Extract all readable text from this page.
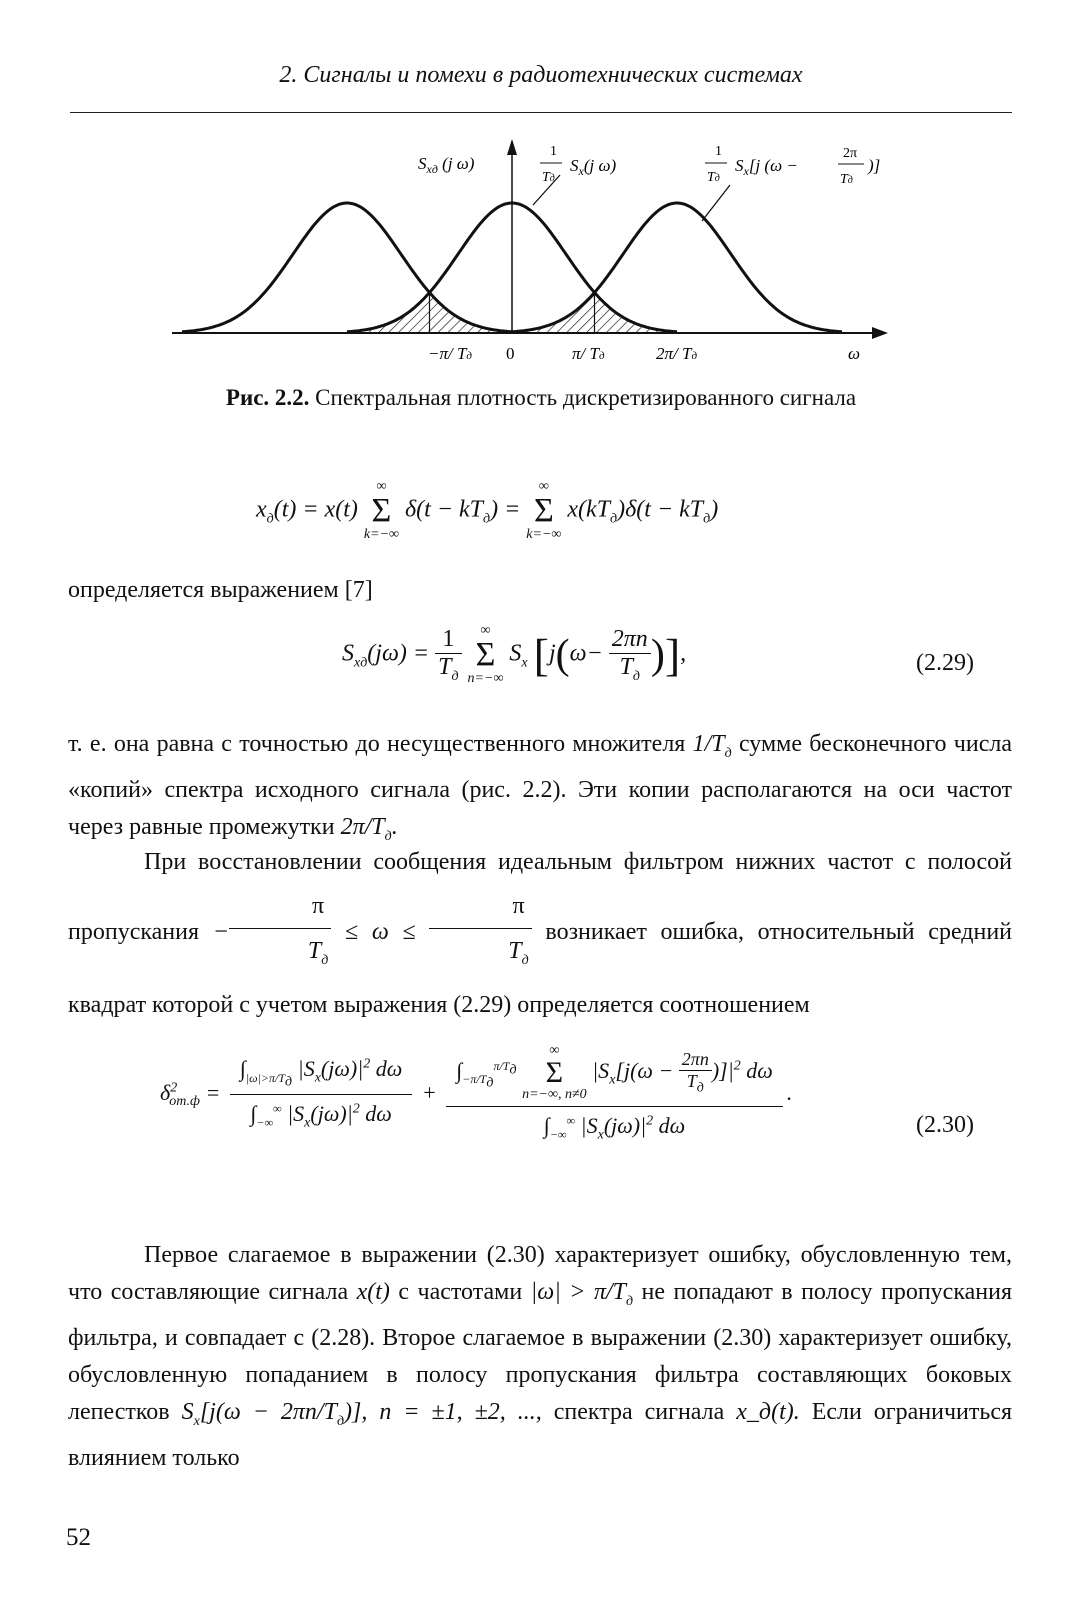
2. Сигналы и помехи в радиотехнических системах
$S_{xд}$ (j ω)
1 Tд $S_x(j$ ω)
1 Tд $S_x[j$ (ω − 2π Tд )]
−π/ Tд 0	π/ Tд	2π/ Tд	ω
Рис. 2.2. Спектральная плотность дискретизированного сигнала
$x_д(t) = x(t)$
∞
Σ
k=−∞
$\delta(t - kT_д)$ =
∞
Σ
k=−∞
$x(kT_д)\delta(t - kT_д)$
определяется выражением [7]
$S_{xд}(j\omega) = \frac{1}{T_д}$
	∞
Σ
n=−∞
$S_x$ [$j(\omega- \frac{2\pi n}{T_д}$ )],	(2.29)
т. е. она равна с точностью до несущественного множителя $1/T_д$ сумме бесконечного числа «копий» спектра исходного сигнала (рис. 2.2). Эти копии располагаются на оси частот через равные промежутки $2\pi/T_д$.
При восстановлении сообщения идеальным фильтром нижних частот с полосой пропускания − $\frac{\pi}{T_д} \le \omega \le \frac{\pi}{T_д}$ возникает ошибка, относительный средний квадрат которой с учетом выражения (2.29) определяется соотношением
$\delta^2_{от.ф} = \frac{\int_{|\omega|>\pi/T_д} |S_x(j\omega)|^2 d\omega}{\int_{-\infty}^\infty |S_x(j\omega)|^2 d\omega} + \int_{-\pi/T_д}^{\pi/T_д}$
∞
Σ
n=−∞, n≠0
$|S_x[j(\omega - \frac{2\pi n}{T_д} )]|^2$ dω
$\int_{-\infty}^\infty$ $|S_x(j\omega)|^2$ dω .
(2.30)
Первое слагаемое в выражении (2.30) характеризует ошибку, обусловленную тем, что составляющие сигнала x(t) с частотами $|\omega| > \pi/T_д$ не попадают в полосу пропускания фильтра, и совпадает с (2.28). Второе слагаемое в выражении (2.30) характеризует ошибку, обусловленную попаданием в полосу пропускания фильтра составляющих боковых лепестков $S_x[j(\omega - 2\pi n/T_д)]$, n = ±1, ±2, ..., спектра сигнала x_д(t). Если ограничиться влиянием только
52
